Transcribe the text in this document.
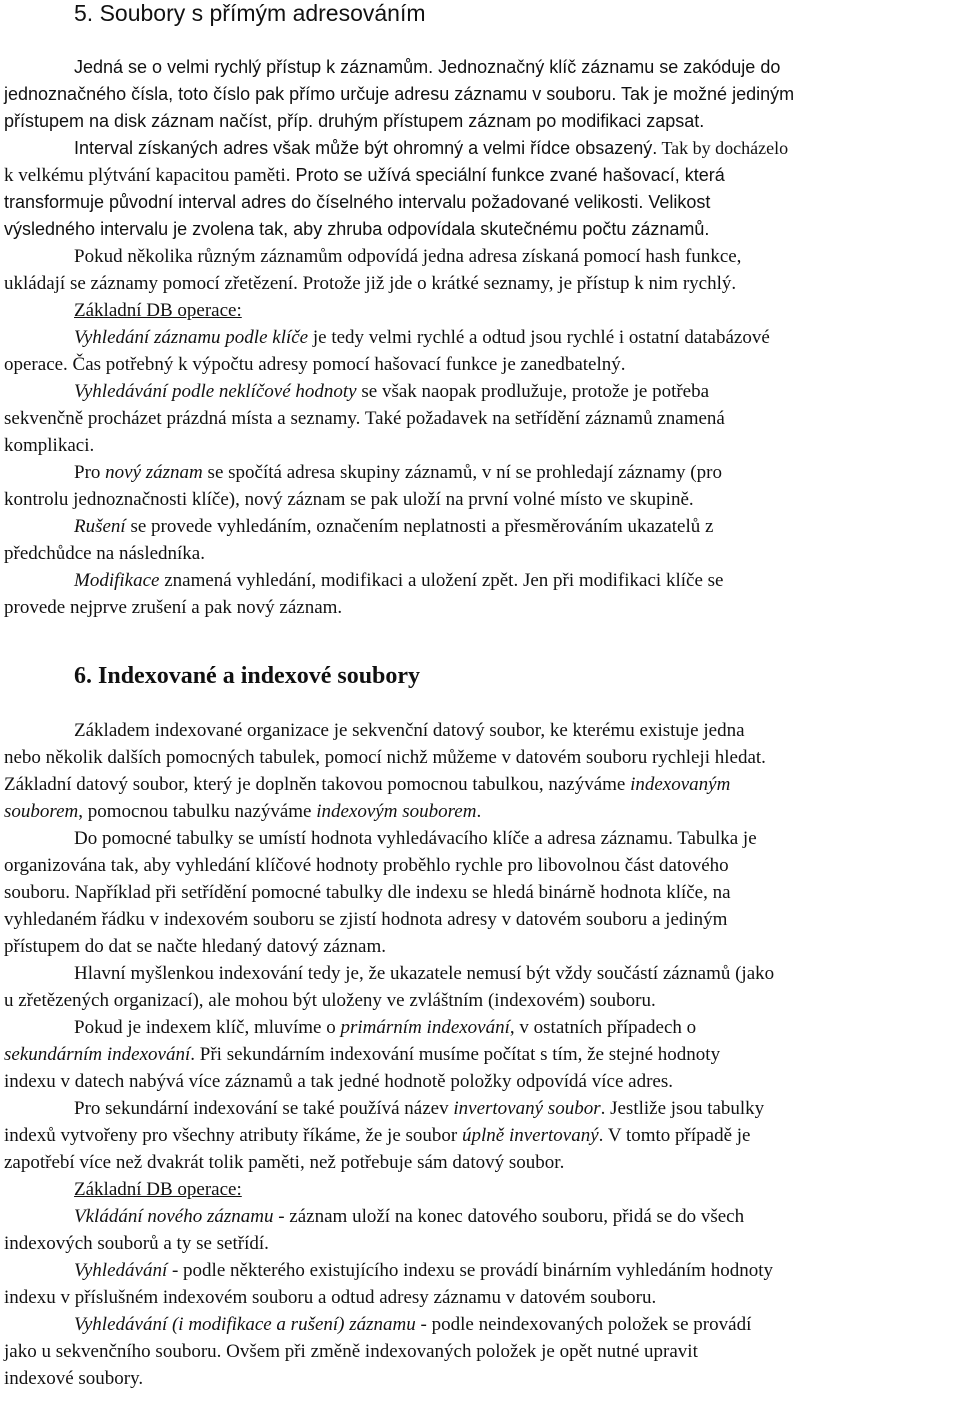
5. Soubory s přímým adresováním
Jedná se o velmi rychlý přístup k záznamům. Jednoznačný klíč záznamu se zakóduje do
jednoznačného čísla, toto číslo pak přímo určuje adresu záznamu v souboru. Tak je možné jediným
přístupem na disk záznam načíst, příp. druhým přístupem záznam po modifikaci zapsat.
Interval získaných adres však může být ohromný a velmi řídce obsazený. Tak by docházelo
k velkému plýtvání kapacitou paměti. Proto se užívá speciální funkce zvané hašovací, která
transformuje původní interval adres do číselného intervalu požadované velikosti. Velikost
výsledného intervalu je zvolena tak, aby zhruba odpovídala skutečnému počtu záznamů.
Pokud několika různým záznamům odpovídá jedna adresa získaná pomocí hash funkce,
ukládají se záznamy pomocí zřetězení. Protože již jde o krátké seznamy, je přístup k nim rychlý.
Základní DB operace:
Vyhledání záznamu podle klíče je tedy velmi rychlé a odtud jsou rychlé i ostatní databázové
operace. Čas potřebný k výpočtu adresy pomocí hašovací funkce je zanedbatelný.
Vyhledávání podle neklíčové hodnoty se však naopak prodlužuje, protože je potřeba
sekvenčně procházet prázdná místa a seznamy. Také požadavek na setřídění záznamů znamená
komplikaci.
Pro nový záznam se spočítá adresa skupiny záznamů, v ní se prohledají záznamy (pro
kontrolu jednoznačnosti klíče), nový záznam se pak uloží na první volné místo ve skupině.
Rušení se provede vyhledáním, označením neplatnosti a přesměrováním ukazatelů z
předchůdce na následníka.
Modifikace znamená vyhledání, modifikaci a uložení zpět. Jen při modifikaci klíče se
provede nejprve zrušení a pak nový záznam.
6. Indexované a indexové soubory
Základem indexované organizace je sekvenční datový soubor, ke kterému existuje jedna
nebo několik dalších pomocných tabulek, pomocí nichž můžeme v datovém souboru rychleji hledat.
Základní datový soubor, který je doplněn takovou pomocnou tabulkou, nazýváme indexovaným
souborem, pomocnou tabulku nazýváme indexovým souborem.
Do pomocné tabulky se umístí hodnota vyhledávacího klíče a adresa záznamu. Tabulka je
organizována tak, aby vyhledání klíčové hodnoty proběhlo rychle pro libovolnou část datového
souboru. Například při setřídění pomocné tabulky dle indexu se hledá binárně hodnota klíče, na
vyhledaném řádku v indexovém souboru se zjistí hodnota adresy v datovém souboru a jediným
přístupem do dat se načte hledaný datový záznam.
Hlavní myšlenkou indexování tedy je, že ukazatele nemusí být vždy součástí záznamů (jako
u zřetězených organizací), ale mohou být uloženy ve zvláštním (indexovém) souboru.
Pokud je indexem klíč, mluvíme o primárním indexování, v ostatních případech o
sekundárním indexování. Při sekundárním indexování musíme počítat s tím, že stejné hodnoty
indexu v datech nabývá více záznamů a tak jedné hodnotě položky odpovídá více adres.
Pro sekundární indexování se také používá název invertovaný soubor. Jestliže jsou tabulky
indexů vytvořeny pro všechny atributy říkáme, že je soubor úplně invertovaný. V tomto případě je
zapotřebí více než dvakrát tolik paměti, než potřebuje sám datový soubor.
Základní DB operace:
Vkládání nového záznamu - záznam uloží na konec datového souboru, přidá se do všech
indexových souborů a ty se setřídí.
Vyhledávání - podle některého existujícího indexu se provádí binárním vyhledáním hodnoty
indexu v příslušném indexovém souboru a odtud adresy záznamu v datovém souboru.
Vyhledávání (i modifikace a rušení) záznamu - podle neindexovaných položek se provádí
jako u sekvenčního souboru. Ovšem při změně indexovaných položek je opět nutné upravit
indexové soubory.
